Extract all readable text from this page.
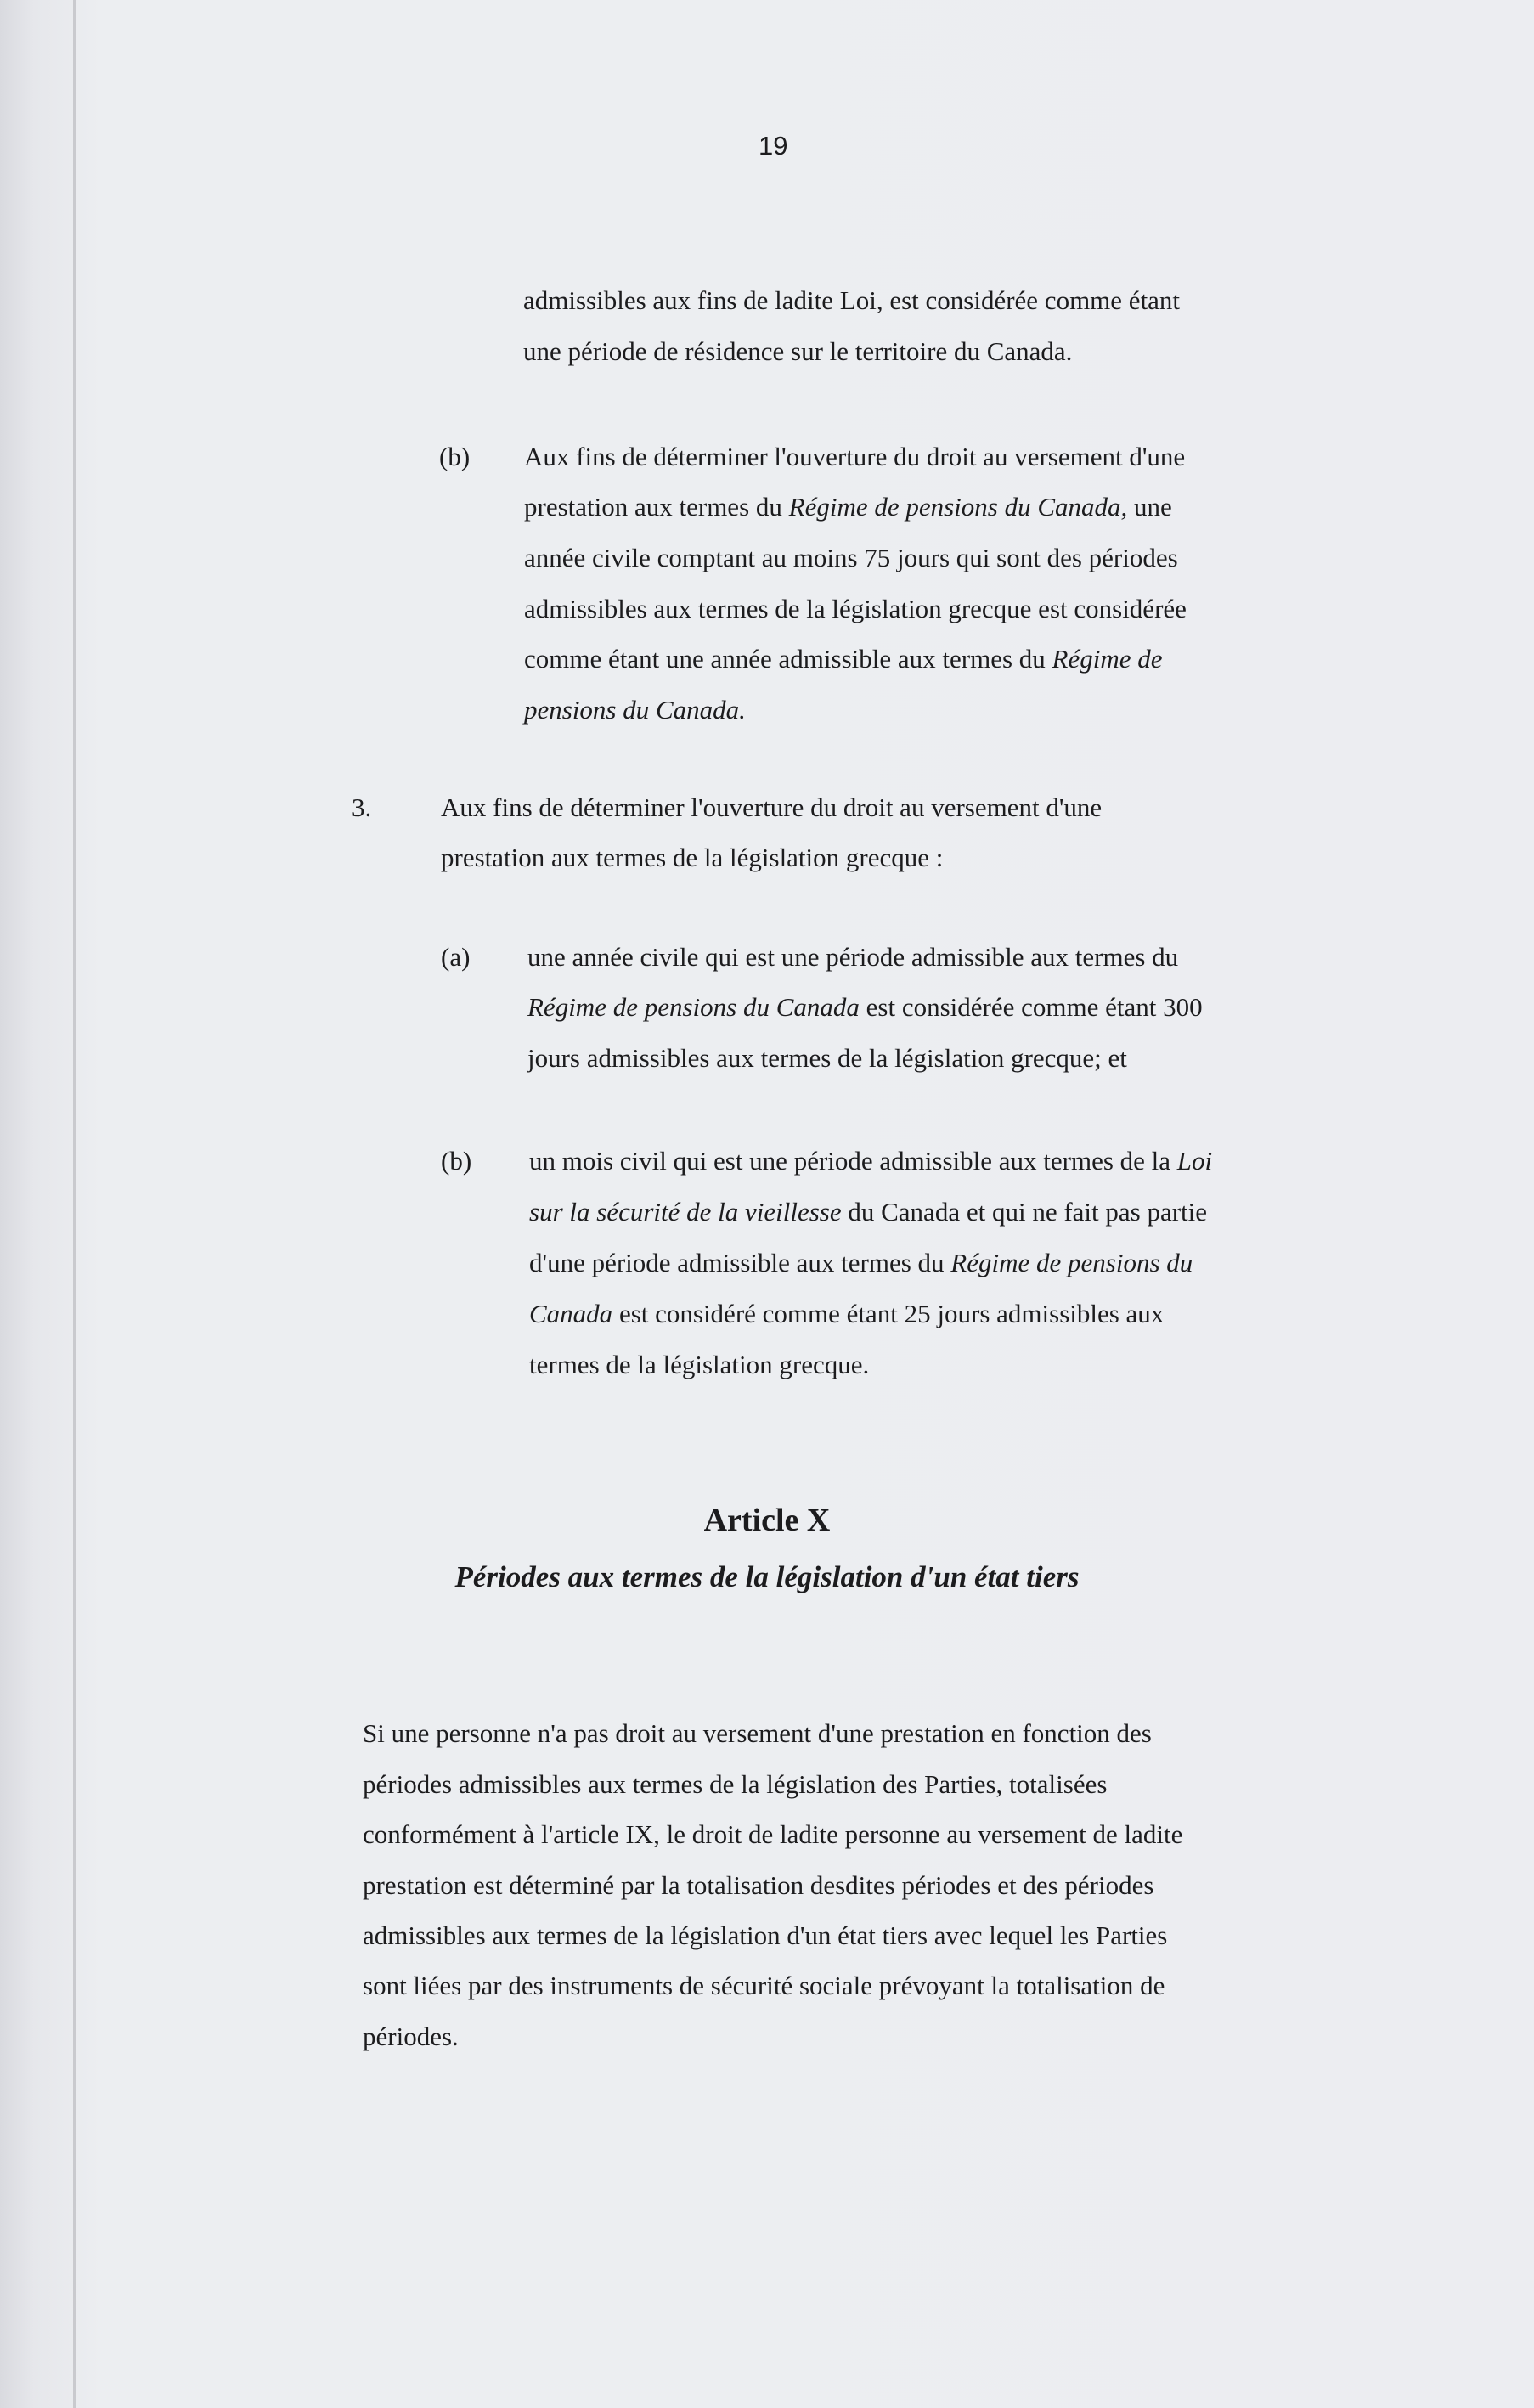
19
admissibles aux fins de ladite Loi, est considérée comme étant
une période de résidence sur le territoire du Canada.
(b) Aux fins de déterminer l'ouverture du droit au versement d'une
prestation aux termes du Régime de pensions du Canada, une
année civile comptant au moins 75 jours qui sont des périodes
admissibles aux termes de la législation grecque est considérée
comme étant une année admissible aux termes du Régime de
pensions du Canada.
3.	Aux fins de déterminer l'ouverture du droit au versement d'une
prestation aux termes de la législation grecque :
(a) une année civile qui est une période admissible aux termes du
Régime de pensions du Canada est considérée comme étant 300
jours admissibles aux termes de la législation grecque; et
(b) un mois civil qui est une période admissible aux termes de la Loi
sur la sécurité de la vieillesse du Canada et qui ne fait pas partie
d'une période admissible aux termes du Régime de pensions du
Canada est considéré comme étant 25 jours admissibles aux
termes de la législation grecque.
Article X
Périodes aux termes de la législation d'un état tiers
Si une personne n'a pas droit au versement d'une prestation en fonction des
périodes admissibles aux termes de la législation des Parties, totalisées
conformément à l'article IX, le droit de ladite personne au versement de ladite
prestation est déterminé par la totalisation desdites périodes et des périodes
admissibles aux termes de la législation d'un état tiers avec lequel les Parties
sont liées par des instruments de sécurité sociale prévoyant la totalisation de
périodes.
